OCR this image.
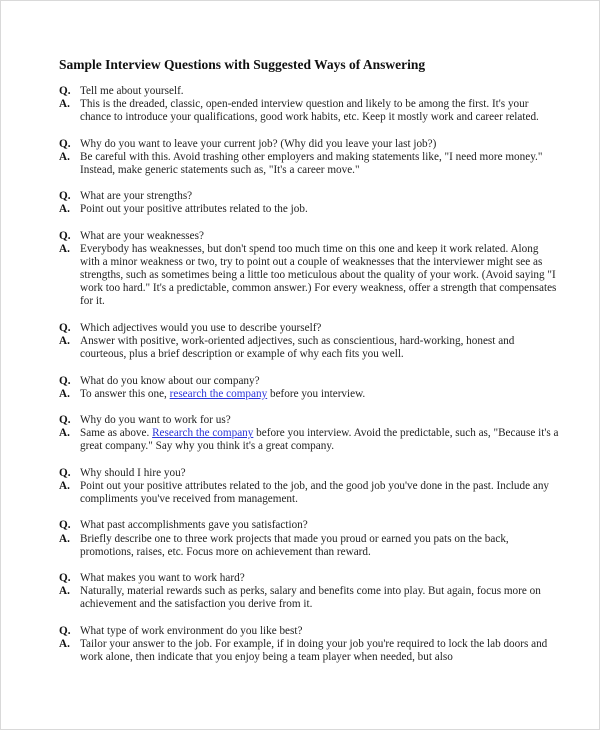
Sample Interview Questions with Suggested Ways of Answering
Q. Tell me about yourself.
A. This is the dreaded, classic, open-ended interview question and likely to be among the first. It's your chance to introduce your qualifications, good work habits, etc. Keep it mostly work and career related.
Q. Why do you want to leave your current job? (Why did you leave your last job?)
A. Be careful with this. Avoid trashing other employers and making statements like, "I need more money." Instead, make generic statements such as, "It's a career move."
Q. What are your strengths?
A. Point out your positive attributes related to the job.
Q. What are your weaknesses?
A. Everybody has weaknesses, but don't spend too much time on this one and keep it work related. Along with a minor weakness or two, try to point out a couple of weaknesses that the interviewer might see as strengths, such as sometimes being a little too meticulous about the quality of your work. (Avoid saying "I work too hard." It's a predictable, common answer.) For every weakness, offer a strength that compensates for it.
Q. Which adjectives would you use to describe yourself?
A. Answer with positive, work-oriented adjectives, such as conscientious, hard-working, honest and courteous, plus a brief description or example of why each fits you well.
Q. What do you know about our company?
A. To answer this one, research the company before you interview.
Q. Why do you want to work for us?
A. Same as above. Research the company before you interview. Avoid the predictable, such as, "Because it's a great company." Say why you think it's a great company.
Q. Why should I hire you?
A. Point out your positive attributes related to the job, and the good job you've done in the past. Include any compliments you've received from management.
Q. What past accomplishments gave you satisfaction?
A. Briefly describe one to three work projects that made you proud or earned you pats on the back, promotions, raises, etc. Focus more on achievement than reward.
Q. What makes you want to work hard?
A. Naturally, material rewards such as perks, salary and benefits come into play. But again, focus more on achievement and the satisfaction you derive from it.
Q. What type of work environment do you like best?
A. Tailor your answer to the job. For example, if in doing your job you're required to lock the lab doors and work alone, then indicate that you enjoy being a team player when needed, but also
